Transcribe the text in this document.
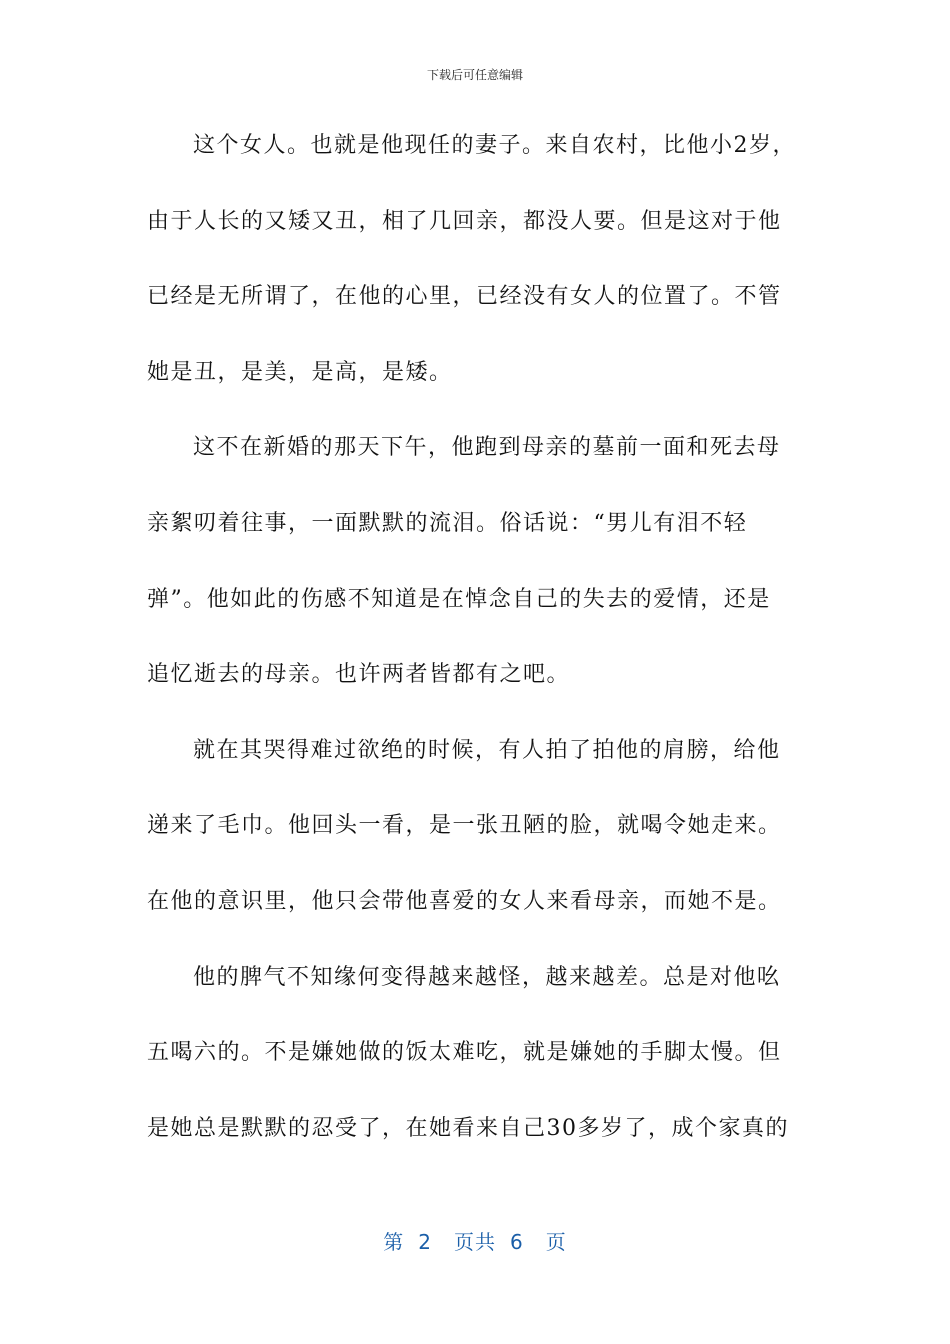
下载后可任意编辑
这个女人。也就是他现任的妻子。来自农村，比他小2岁，
由于人长的又矮又丑，相了几回亲，都没人要。但是这对于他
已经是无所谓了，在他的心里，已经没有女人的位置了。不管
她是丑，是美，是高，是矮。
这不在新婚的那天下午，他跑到母亲的墓前一面和死去母
亲絮叨着往事，一面默默的流泪。俗话说：“男儿有泪不轻
弹”。他如此的伤感不知道是在悼念自己的失去的爱情，还是
追忆逝去的母亲。也许两者皆都有之吧。
就在其哭得难过欲绝的时候，有人拍了拍他的肩膀，给他
递来了毛巾。他回头一看，是一张丑陋的脸，就喝令她走来。
在他的意识里，他只会带他喜爱的女人来看母亲，而她不是。
他的脾气不知缘何变得越来越怪，越来越差。总是对他吆
五喝六的。不是嫌她做的饭太难吃，就是嫌她的手脚太慢。但
是她总是默默的忍受了，在她看来自己30多岁了，成个家真的
第 2 页共 6 页
